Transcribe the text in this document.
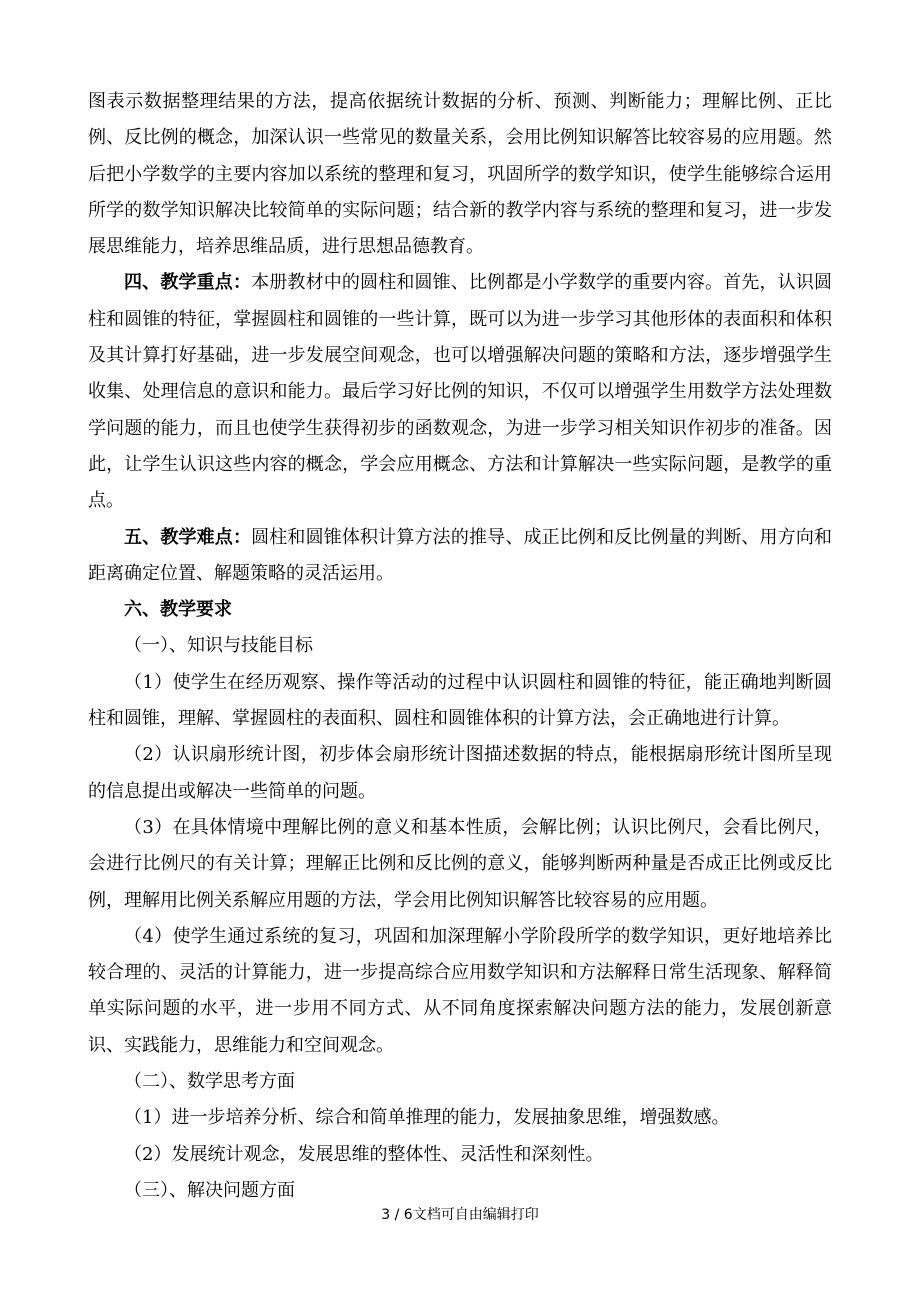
图表示数据整理结果的方法，提高依据统计数据的分析、预测、判断能力；理解比例、正比例、反比例的概念，加深认识一些常见的数量关系，会用比例知识解答比较容易的应用题。然后把小学数学的主要内容加以系统的整理和复习，巩固所学的数学知识，使学生能够综合运用所学的数学知识解决比较简单的实际问题；结合新的教学内容与系统的整理和复习，进一步发展思维能力，培养思维品质，进行思想品德教育。

四、教学重点：本册教材中的圆柱和圆锥、比例都是小学数学的重要内容。首先，认识圆柱和圆锥的特征，掌握圆柱和圆锥的一些计算，既可以为进一步学习其他形体的表面积和体积及其计算打好基础，进一步发展空间观念，也可以增强解决问题的策略和方法，逐步增强学生收集、处理信息的意识和能力。最后学习好比例的知识，不仅可以增强学生用数学方法处理数学问题的能力，而且也使学生获得初步的函数观念，为进一步学习相关知识作初步的准备。因此，让学生认识这些内容的概念，学会应用概念、方法和计算解决一些实际问题，是教学的重点。

五、教学难点：圆柱和圆锥体积计算方法的推导、成正比例和反比例量的判断、用方向和距离确定位置、解题策略的灵活运用。

六、教学要求

（一）、知识与技能目标

（1）使学生在经历观察、操作等活动的过程中认识圆柱和圆锥的特征，能正确地判断圆柱和圆锥，理解、掌握圆柱的表面积、圆柱和圆锥体积的计算方法，会正确地进行计算。

（2）认识扇形统计图，初步体会扇形统计图描述数据的特点，能根据扇形统计图所呈现的信息提出或解决一些简单的问题。

（3）在具体情境中理解比例的意义和基本性质，会解比例；认识比例尺，会看比例尺，会进行比例尺的有关计算；理解正比例和反比例的意义，能够判断两种量是否成正比例或反比例，理解用比例关系解应用题的方法，学会用比例知识解答比较容易的应用题。

（4）使学生通过系统的复习，巩固和加深理解小学阶段所学的数学知识，更好地培养比较合理的、灵活的计算能力，进一步提高综合应用数学知识和方法解释日常生活现象、解释简单实际问题的水平，进一步用不同方式、从不同角度探索解决问题方法的能力，发展创新意识、实践能力，思维能力和空间观念。

（二）、数学思考方面

（1）进一步培养分析、综合和简单推理的能力，发展抽象思维，增强数感。

（2）发展统计观念，发展思维的整体性、灵活性和深刻性。

（三）、解决问题方面

3 / 6文档可自由编辑打印
